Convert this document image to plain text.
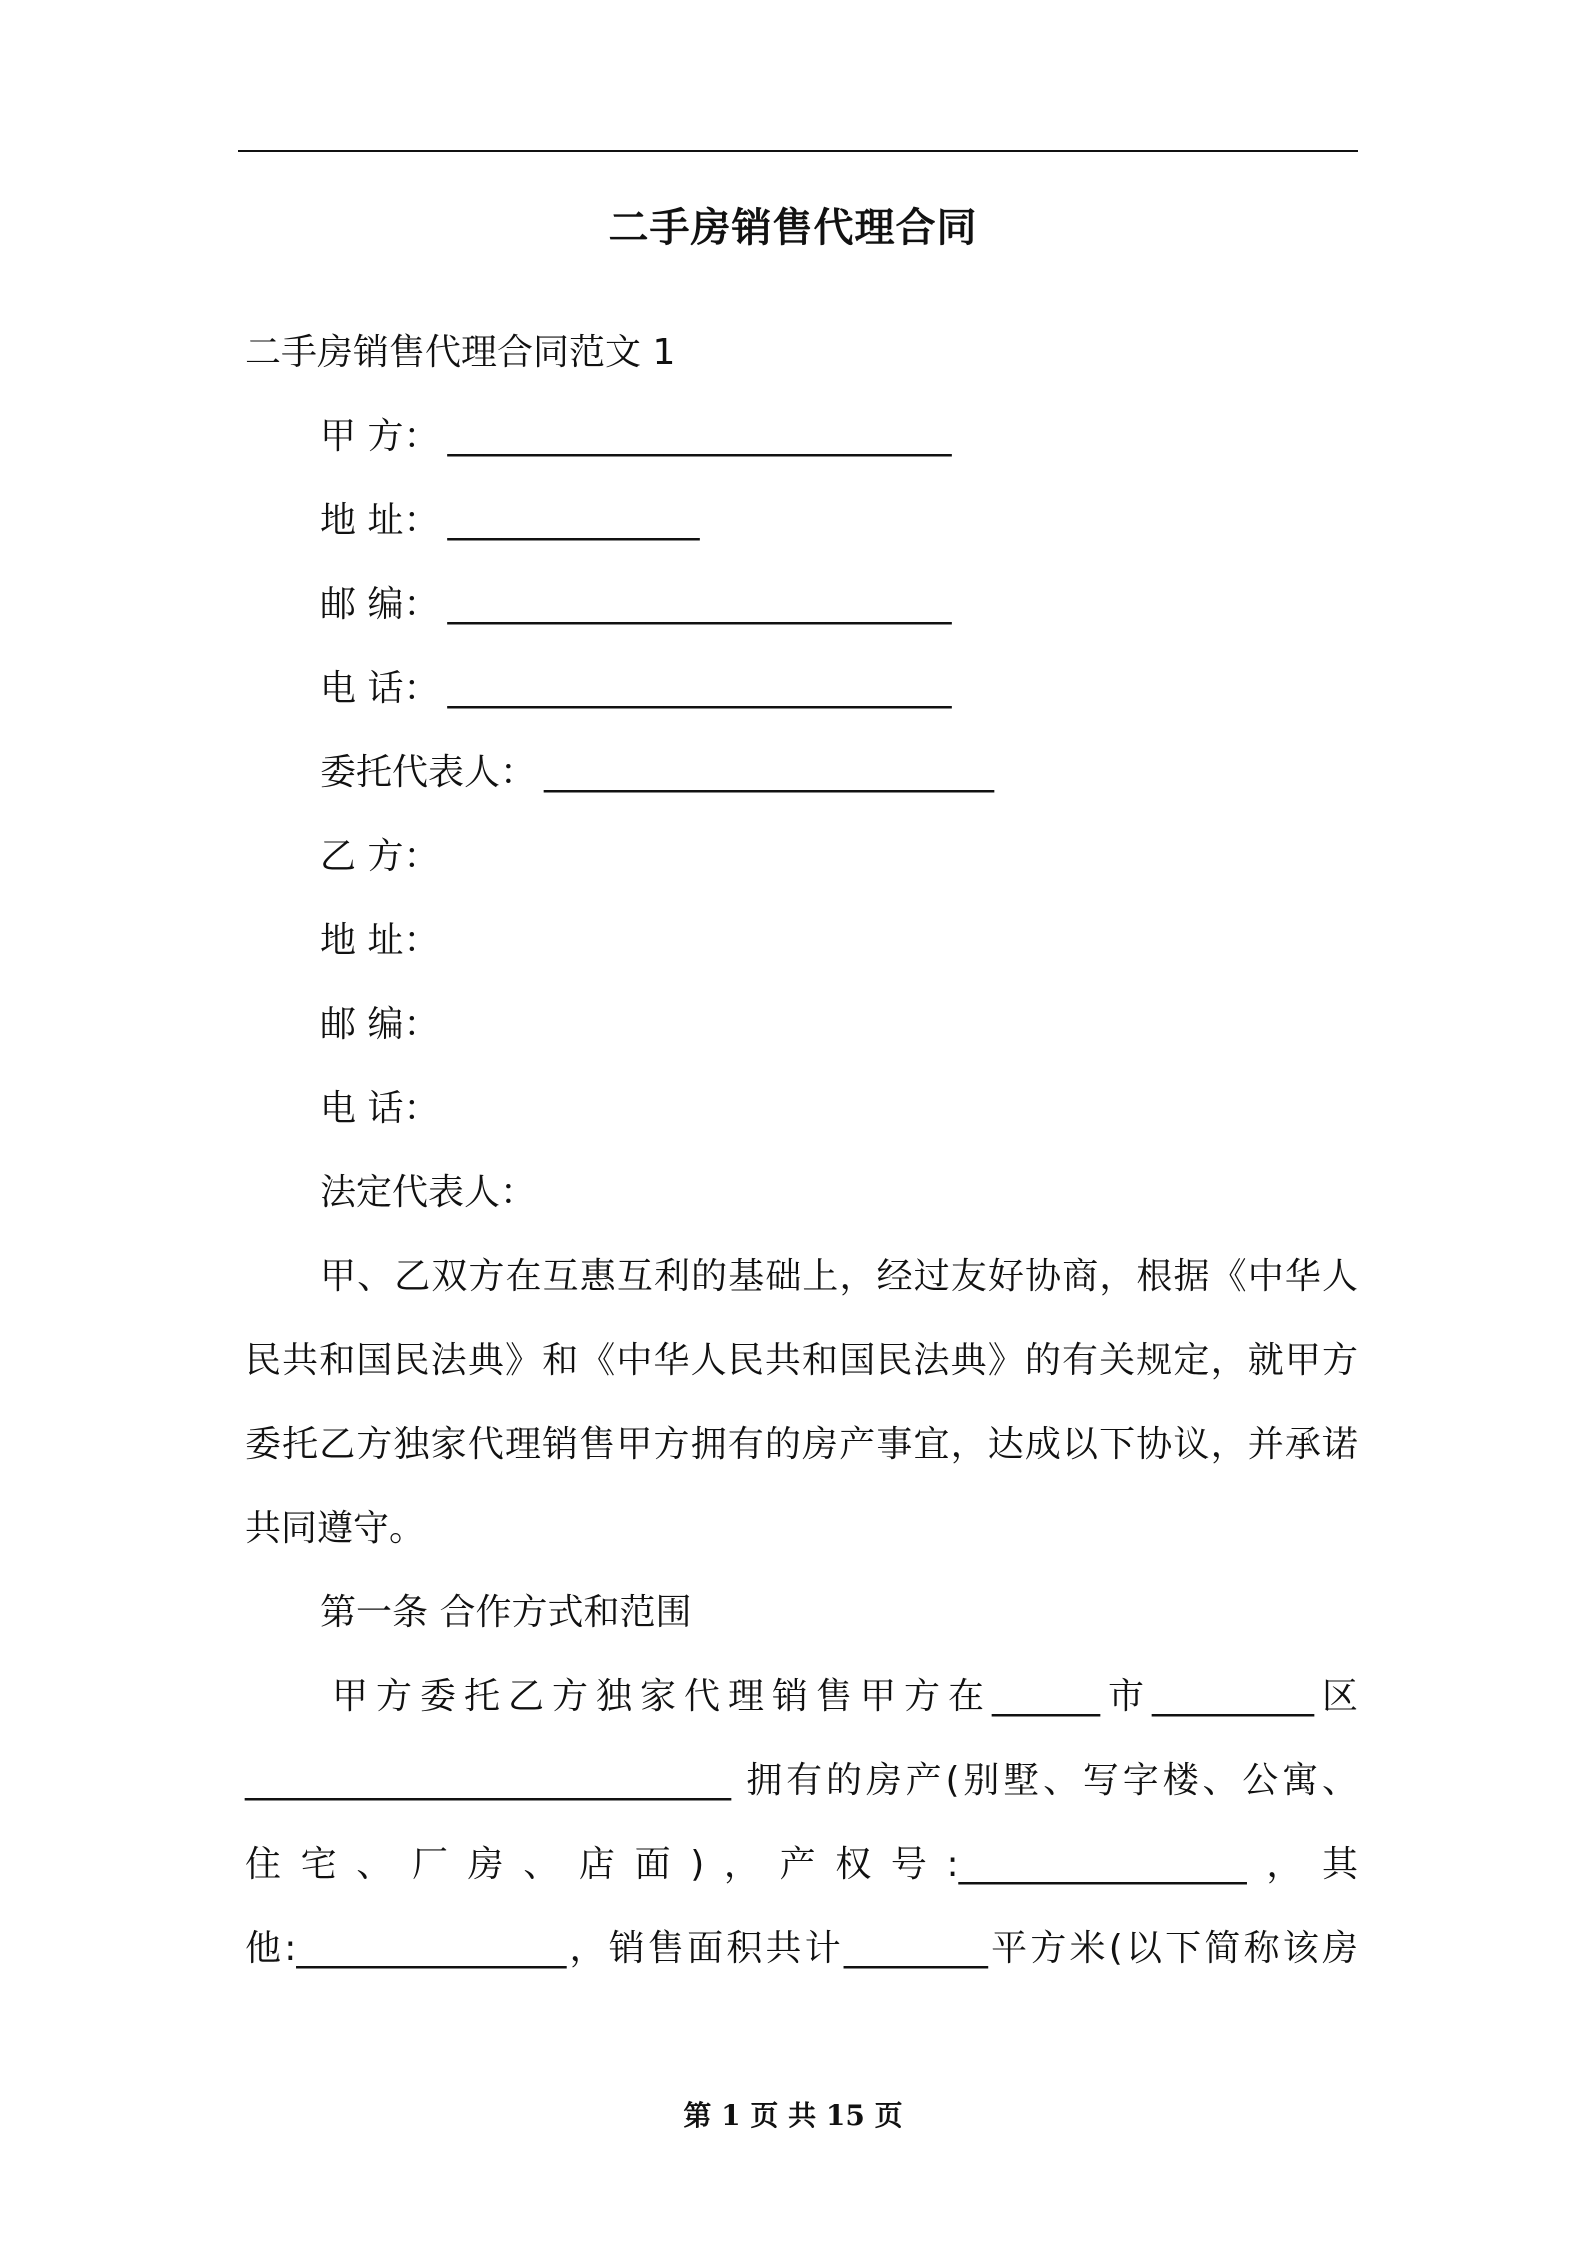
二手房销售代理合同
二手房销售代理合同范文 1
甲 方： ____________________________
地 址： ______________
邮 编： ____________________________
电 话： ____________________________
委托代表人： _________________________
乙 方：
地 址：
邮 编：
电 话：
法定代表人：
甲、乙双方在互惠互利的基础上，经过友好协商，根据《中华人
民共和国民法典》和《中华人民共和国民法典》的有关规定，就甲方
委托乙方独家代理销售甲方拥有的房产事宜，达成以下协议，并承诺
共同遵守。
第一条 合作方式和范围
甲方委托乙方独家代理销售甲方在______市_________区
___________________________ 拥有的房产(别墅、写字楼、公寓、
住宅、厂房、店面)，产权号:________________，其
他:_______________，销售面积共计________平方米(以下简称该房
第 1 页 共 15 页
